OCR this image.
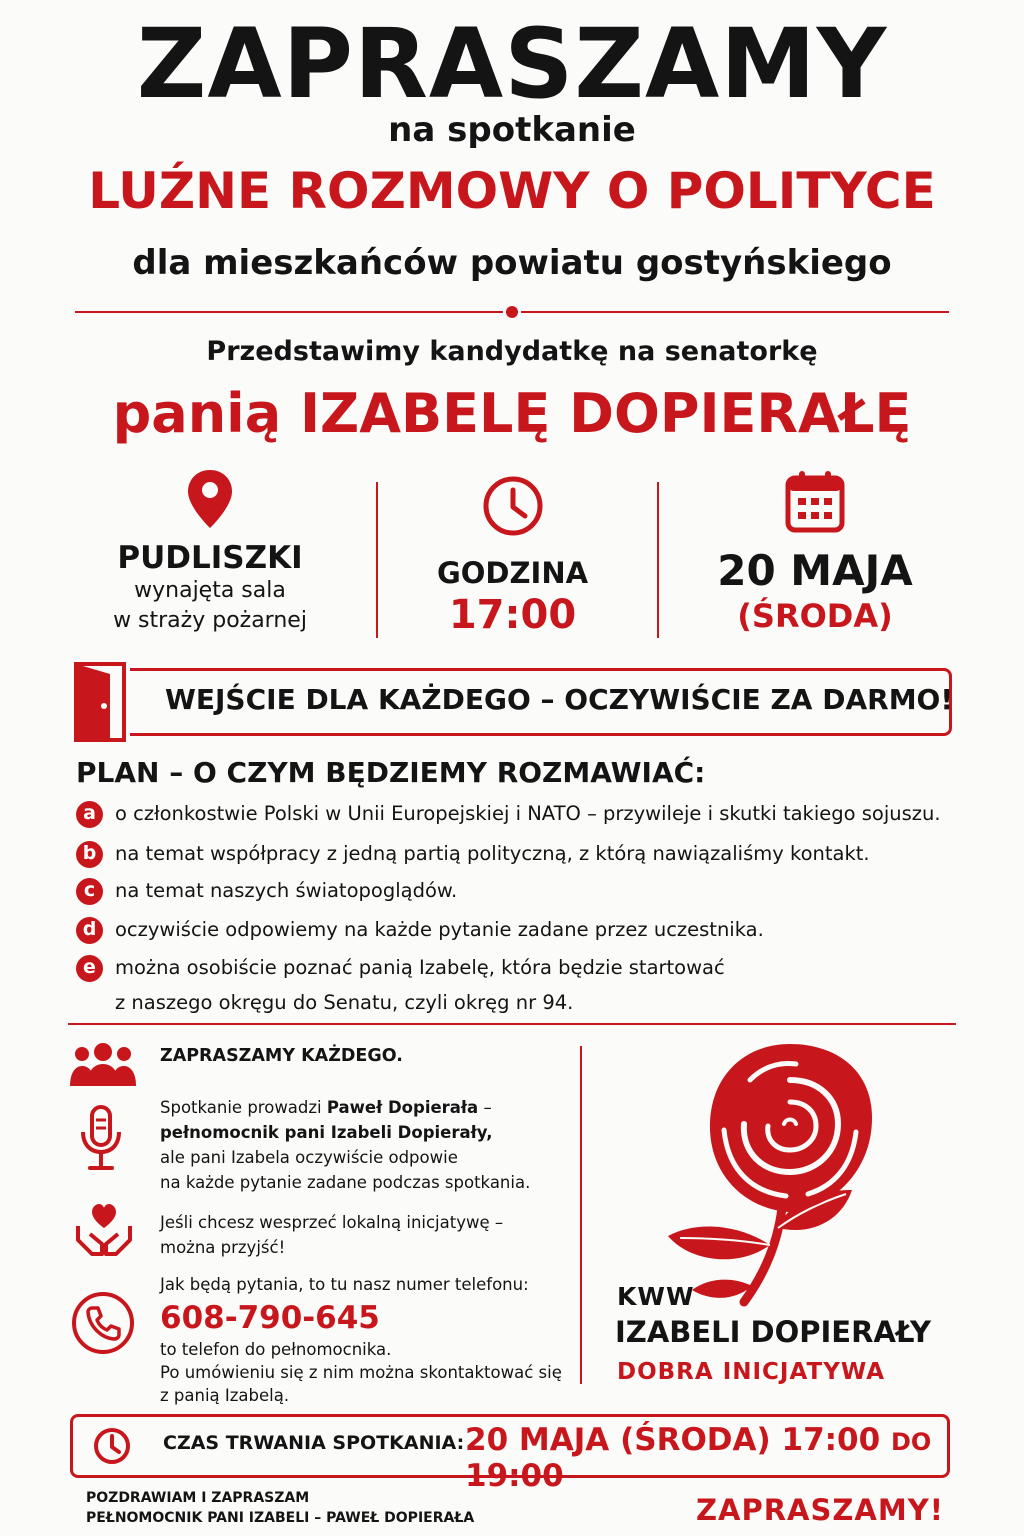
ZAPRASZAMY
na spotkanie
LUŹNE ROZMOWY O POLITYCE
dla mieszkańców powiatu gostyńskiego
Przedstawimy kandydatkę na senatorkę
panią IZABELĘ DOPIERAŁĘ
PUDLISZKI
wynajęta sala
w straży pożarnej
GODZINA
17:00
20 MAJA
(ŚRODA)
WEJŚCIE DLA KAŻDEGO – OCZYWIŚCIE ZA DARMO!
PLAN – O CZYM BĘDZIEMY ROZMAWIAĆ:
a o członkostwie Polski w Unii Europejskiej i NATO – przywileje i skutki takiego sojuszu.
b na temat współpracy z jedną partią polityczną, z którą nawiązaliśmy kontakt.
c	na temat naszych światopoglądów.
d oczywiście odpowiemy na każde pytanie zadane przez uczestnika.
e można osobiście poznać panią Izabelę, która będzie startować
z naszego okręgu do Senatu, czyli okręg nr 94.
ZAPRASZAMY KAŻDEGO.
Spotkanie prowadzi Paweł Dopierała –
pełnomocnik pani Izabeli Dopierały,
ale pani Izabela oczywiście odpowie
na każde pytanie zadane podczas spotkania.
Jeśli chcesz wesprzeć lokalną inicjatywę –
można przyjść!
Jak będą pytania, to tu nasz numer telefonu:
608-790-645
to telefon do pełnomocnika.
Po umówieniu się z nim można skontaktować się
z panią Izabelą.
KWW
IZABELI DOPIERAŁY
DOBRA INICJATYWA
CZAS TRWANIA SPOTKANIA: 20 MAJA (ŚRODA) 17:00 DO 19:00
POZDRAWIAM I ZAPRASZAM
PEŁNOMOCNIK PANI IZABELI – PAWEŁ DOPIERAŁA	ZAPRASZAMY!
